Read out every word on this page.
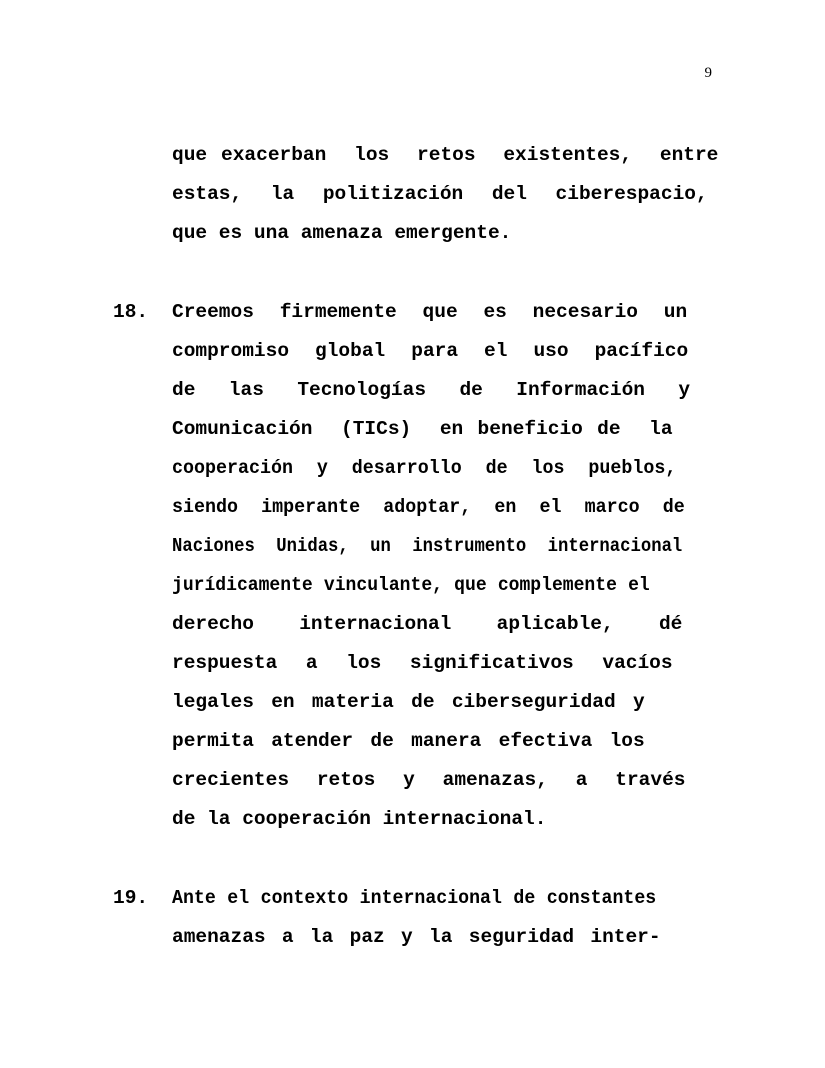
9
que exacerban  los  retos  existentes,  entre
estas,  la  politización  del  ciberespacio,
que es una amenaza emergente.
18.	Creemos  firmemente  que  es  necesario  un
compromiso  global  para  el  uso  pacífico
de  las  Tecnologías  de  Información  y
Comunicación  (TICs)  en beneficio de  la
cooperación  y  desarrollo  de  los  pueblos,
siendo  imperante  adoptar,  en  el  marco  de
Naciones  Unidas,  un  instrumento  internacional
jurídicamente vinculante, que complemente el
derecho   internacional   aplicable,   dé
respuesta  a  los  significativos  vacíos
legales en materia de ciberseguridad y
permita atender de manera efectiva los
crecientes  retos  y  amenazas,  a  través
de la cooperación internacional.
19.	Ante el contexto internacional de constantes
amenazas a la paz y la seguridad inter-
